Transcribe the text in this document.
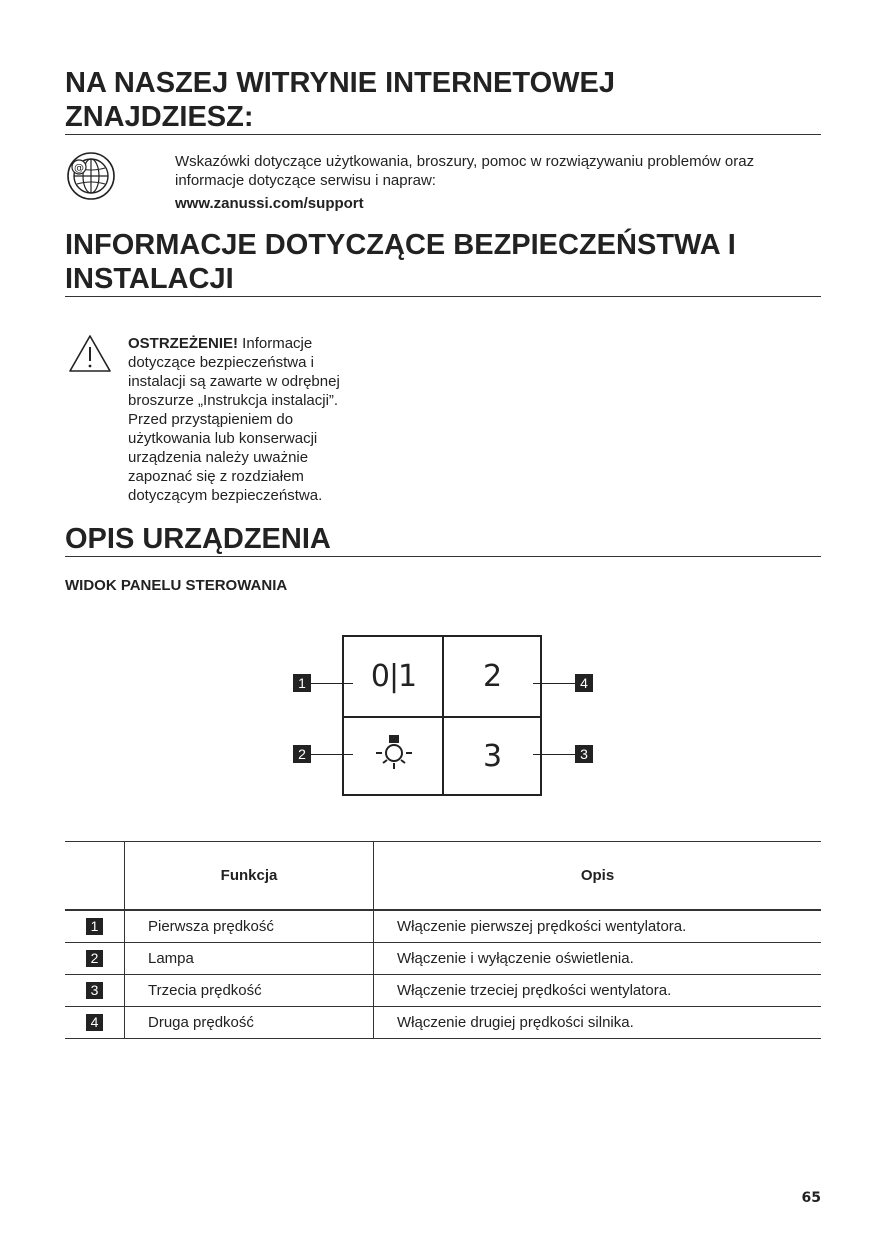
NA NASZEJ WITRYNIE INTERNETOWEJ
ZNAJDZIESZ:
@	Wskazówki dotyczące użytkowania, broszury, pomoc w rozwiązywaniu problemów oraz
informacje dotyczące serwisu i napraw:
www.zanussi.com/support
INFORMACJE DOTYCZĄCE BEZPIECZEŃSTWA I
INSTALACJI
OSTRZEŻENIE! Informacje
dotyczące bezpieczeństwa i
instalacji są zawarte w odrębnej
broszurze „Instrukcja instalacji”.
Przed przystąpieniem do
użytkowania lub konserwacji
urządzenia należy uważnie
zapoznać się z rozdziałem
dotyczącym bezpieczeństwa.
OPIS URZĄDZENIA
WIDOK PANELU STEROWANIA
0|1	2
3
1
2
4
3
	Funkcja	Opis
1	Pierwsza prędkość	Włączenie pierwszej prędkości wentylatora.
2	Lampa	Włączenie i wyłączenie oświetlenia.
3	Trzecia prędkość	Włączenie trzeciej prędkości wentylatora.
4	Druga prędkość	Włączenie drugiej prędkości silnika.
65
